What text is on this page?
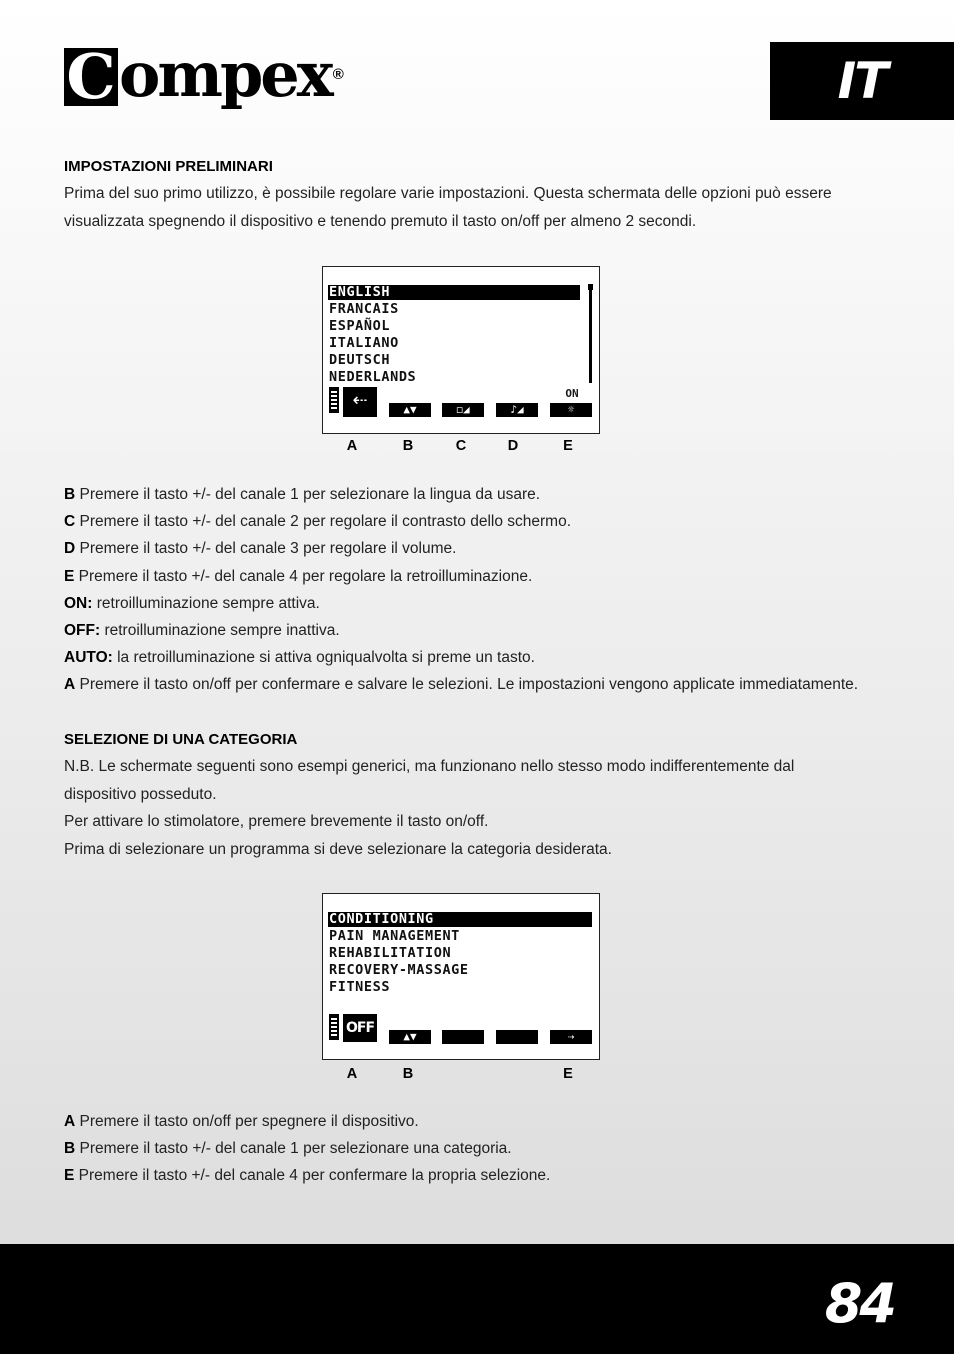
C ompex ®	IT
IMPOSTAZIONI PRELIMINARI
Prima del suo primo utilizzo, è possibile regolare varie impostazioni. Questa schermata delle opzioni può essere
visualizzata spegnendo il dispositivo e tenendo premuto il tasto on/off per almeno 2 secondi.
ENGLISH
FRANCAIS
ESPAÑOL
ITALIANO
DEUTSCH
NEDERLANDS
⇠	▲▼	◻◢	♪◢
ON
☼
A	B	C	D	E
B Premere il tasto +/- del canale 1 per selezionare la lingua da usare.
C Premere il tasto +/- del canale 2 per regolare il contrasto dello schermo.
D Premere il tasto +/- del canale 3 per regolare il volume.
E Premere il tasto +/- del canale 4 per regolare la retroilluminazione.
ON: retroilluminazione sempre attiva.
OFF: retroilluminazione sempre inattiva.
AUTO: la retroilluminazione si attiva ogniqualvolta si preme un tasto.
A Premere il tasto on/off per confermare e salvare le selezioni. Le impostazioni vengono applicate immediatamente.
SELEZIONE DI UNA CATEGORIA
N.B. Le schermate seguenti sono esempi generici, ma funzionano nello stesso modo indifferentemente dal
dispositivo posseduto.
Per attivare lo stimolatore, premere brevemente il tasto on/off.
Prima di selezionare un programma si deve selezionare la categoria desiderata.
CONDITIONING
PAIN MANAGEMENT
REHABILITATION
RECOVERY-MASSAGE
FITNESS
OFF
▲▼	⇢
A	B	E
A Premere il tasto on/off per spegnere il dispositivo.
B Premere il tasto +/- del canale 1 per selezionare una categoria.
E Premere il tasto +/- del canale 4 per confermare la propria selezione.
84
